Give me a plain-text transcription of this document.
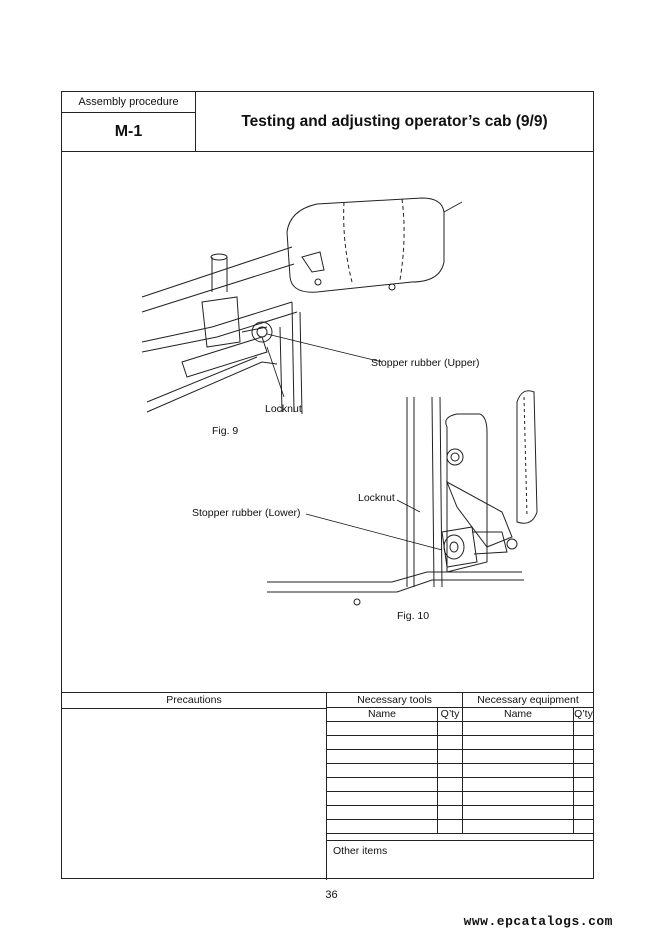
Assembly procedure
M-1
Testing and adjusting operator’s cab (9/9)
Stopper rubber (Upper)
Locknut
Fig. 9
Locknut
Stopper rubber (Lower)
Fig. 10
Precautions	Necessary tools		Necessary equipment	
Name	Q’ty	Name	Q’ty

Other items
36
www.epcatalogs.com
